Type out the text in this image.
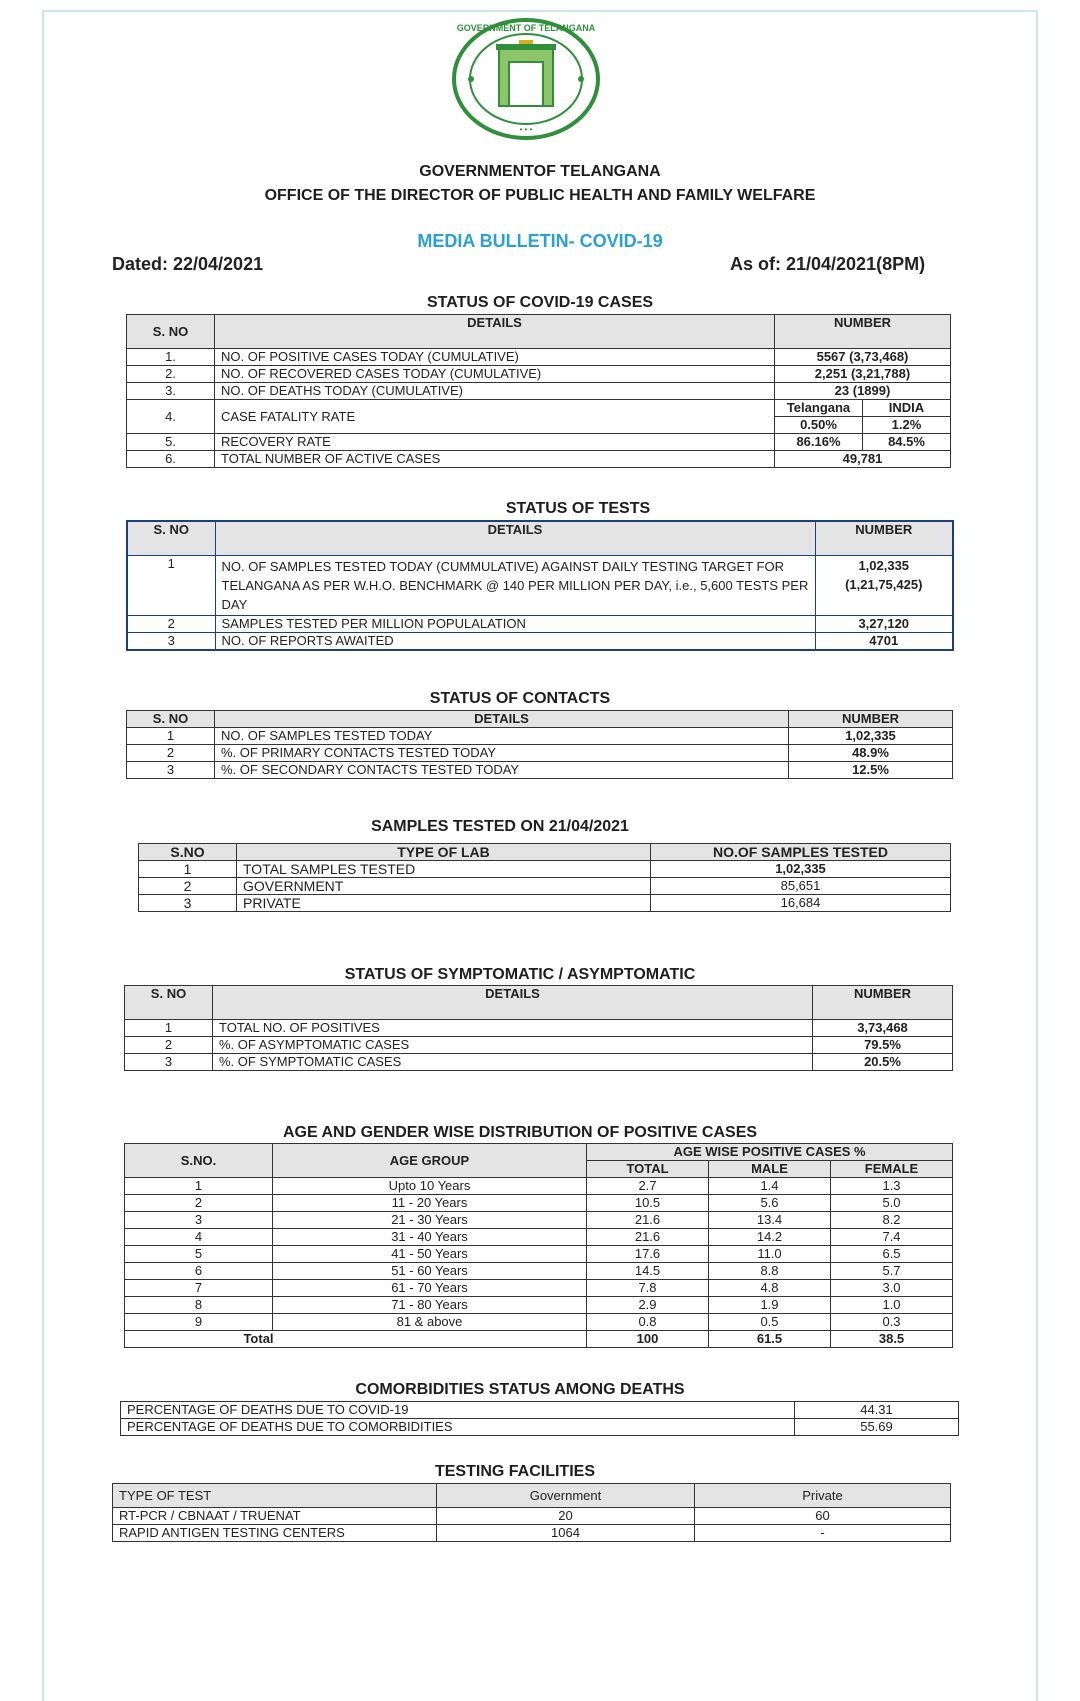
GOVERNMENT OF TELANGANA
• • •
GOVERNMENTOF TELANGANA
OFFICE OF THE DIRECTOR OF PUBLIC HEALTH AND FAMILY WELFARE
MEDIA BULLETIN- COVID-19
Dated: 22/04/2021	As of: 21/04/2021(8PM)
STATUS OF COVID-19 CASES
S. NO	DETAILS	NUMBER	
1.	NO. OF POSITIVE CASES TODAY (CUMULATIVE)	5567 (3,73,468)	
2.	NO. OF RECOVERED CASES TODAY (CUMULATIVE)	2,251 (3,21,788)	
3.	NO. OF DEATHS TODAY (CUMULATIVE)	23 (1899)	
4.	CASE FATALITY RATE	Telangana	INDIA
		0.50%	1.2%
5.	RECOVERY RATE	86.16%	84.5%
6.	TOTAL NUMBER OF ACTIVE CASES	49,781	
STATUS OF TESTS
S. NO	DETAILS	NUMBER
1	NO. OF SAMPLES TESTED TODAY (CUMMULATIVE) AGAINST DAILY TESTING TARGET FOR TELANGANA AS PER W.H.O. BENCHMARK @ 140 PER MILLION PER DAY, i.e., 5,600 TESTS PER DAY	1,02,335
(1,21,75,425)

2	SAMPLES TESTED PER MILLION POPULALATION	3,27,120
3	NO. OF REPORTS AWAITED	4701
STATUS OF CONTACTS
S. NO	DETAILS	NUMBER
1	NO. OF SAMPLES TESTED TODAY	1,02,335
2	%. OF PRIMARY CONTACTS TESTED TODAY	48.9%
3	%. OF SECONDARY CONTACTS TESTED TODAY	12.5%
SAMPLES TESTED ON 21/04/2021
S.NO	TYPE OF LAB	NO.OF SAMPLES TESTED
1	TOTAL SAMPLES TESTED	1,02,335
2	GOVERNMENT	85,651
3	PRIVATE	16,684
STATUS OF SYMPTOMATIC / ASYMPTOMATIC
S. NO	DETAILS	NUMBER
1	TOTAL NO. OF POSITIVES	3,73,468
2	%. OF ASYMPTOMATIC CASES	79.5%
3	%. OF SYMPTOMATIC CASES	20.5%
AGE AND GENDER WISE DISTRIBUTION OF POSITIVE CASES
S.NO.	AGE GROUP	AGE WISE POSITIVE CASES %		
		TOTAL	MALE	FEMALE
1	Upto 10 Years	2.7	1.4	1.3
2	11 - 20 Years	10.5	5.6	5.0
3	21 - 30 Years	21.6	13.4	8.2
4	31 - 40 Years	21.6	14.2	7.4
5	41 - 50 Years	17.6	11.0	6.5
6	51 - 60 Years	14.5	8.8	5.7
7	61 - 70 Years	7.8	4.8	3.0
8	71 - 80 Years	2.9	1.9	1.0
9	81 & above	0.8	0.5	0.3
Total		100	61.5	38.5
COMORBIDITIES STATUS AMONG DEATHS
PERCENTAGE OF DEATHS DUE TO COVID-19	44.31
PERCENTAGE OF DEATHS DUE TO COMORBIDITIES	55.69
TESTING FACILITIES
TYPE OF TEST	Government	Private
RT-PCR / CBNAAT / TRUENAT	20	60
RAPID ANTIGEN TESTING CENTERS	1064	-
